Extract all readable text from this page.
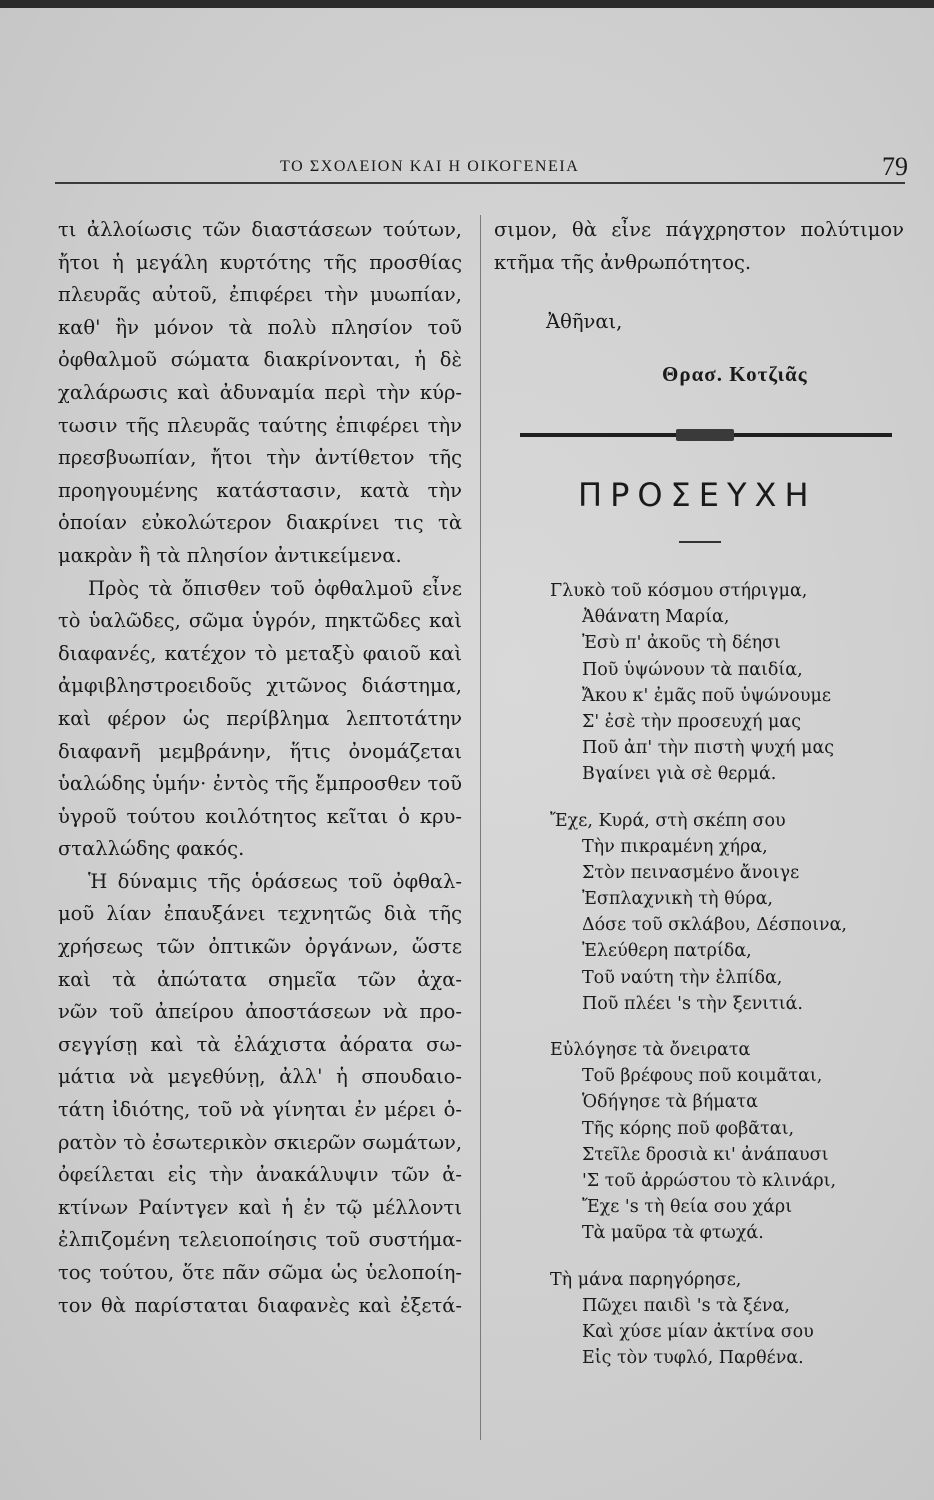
ΤΟ ΣΧΟΛΕΙΟΝ ΚΑΙ Η ΟΙΚΟΓΕΝΕΙΑ	79
τι ἀλλοίωσις τῶν διαστάσεων τούτων,
ἤτοι ἡ μεγάλη κυρτότης τῆς προσθίας
πλευρᾶς αὐτοῦ, ἐπιφέρει τὴν μυωπίαν,
καθ' ἣν μόνον τὰ πολὺ πλησίον τοῦ
ὀφθαλμοῦ σώματα διακρίνονται, ἡ δὲ
χαλάρωσις καὶ ἀδυναμία περὶ τὴν κύρ-
τωσιν τῆς πλευρᾶς ταύτης ἐπιφέρει τὴν
πρεσβυωπίαν, ἤτοι τὴν ἀντίθετον τῆς
προηγουμένης κατάστασιν, κατὰ τὴν
ὁποίαν εὐκολώτερον διακρίνει τις τὰ
μακρὰν ἢ τὰ πλησίον ἀντικείμενα.
Πρὸς τὰ ὄπισθεν τοῦ ὀφθαλμοῦ εἶνε
τὸ ὑαλῶδες, σῶμα ὑγρόν, πηκτῶδες καὶ
διαφανές, κατέχον τὸ μεταξὺ φαιοῦ καὶ
ἀμφιβληστροειδοῦς χιτῶνος διάστημα,
καὶ φέρον ὡς περίβλημα λεπτοτάτην
διαφανῆ μεμβράνην, ἥτις ὀνομάζεται
ὑαλώδης ὑμήν· ἐντὸς τῆς ἔμπροσθεν τοῦ
ὑγροῦ τούτου κοιλότητος κεῖται ὁ κρυ-
σταλλώδης φακός.
Ἡ δύναμις τῆς ὁράσεως τοῦ ὀφθαλ-
μοῦ λίαν ἐπαυξάνει τεχνητῶς διὰ τῆς
χρήσεως τῶν ὀπτικῶν ὀργάνων, ὥστε
καὶ τὰ ἀπώτατα σημεῖα τῶν ἀχα-
νῶν τοῦ ἀπείρου ἀποστάσεων νὰ προ-
σεγγίσῃ καὶ τὰ ἐλάχιστα ἀόρατα σω-
μάτια νὰ μεγεθύνῃ, ἀλλ' ἡ σπουδαιο-
τάτη ἰδιότης, τοῦ νὰ γίνηται ἐν μέρει ὁ-
ρατὸν τὸ ἐσωτερικὸν σκιερῶν σωμάτων,
ὀφείλεται εἰς τὴν ἀνακάλυψιν τῶν ἀ-
κτίνων Ραίντγεν καὶ ἡ ἐν τῷ μέλλοντι
ἐλπιζομένη τελειοποίησις τοῦ συστήμα-
τος τούτου, ὅτε πᾶν σῶμα ὡς ὑελοποίη-
τον θὰ παρίσταται διαφανὲς καὶ ἐξετά-
σιμον, θὰ εἶνε πάγχρηστον πολύτιμον
κτῆμα τῆς ἀνθρωπότητος.
Ἀθῆναι,
Θρασ. Κοτζιᾶς
ΠΡΟΣΕΥΧΗ
Γλυκὸ τοῦ κόσμου στήριγμα,
Ἀθάνατη Μαρία,
Ἐσὺ π' ἀκοῦς τὴ δέησι
Ποῦ ὑψώνουν τὰ παιδία,
Ἄκου κ' ἐμᾶς ποῦ ὑψώνουμε
Σ' ἐσὲ τὴν προσευχή μας
Ποῦ ἀπ' τὴν πιστὴ ψυχή μας
Βγαίνει γιὰ σὲ θερμά.
Ἔχε, Κυρά, στὴ σκέπη σου
Τὴν πικραμένη χήρα,
Στὸν πεινασμένο ἄνοιγε
Ἐσπλαχνικὴ τὴ θύρα,
Δόσε τοῦ σκλάβου, Δέσποινα,
Ἐλεύθερη πατρίδα,
Τοῦ ναύτη τὴν ἐλπίδα,
Ποῦ πλέει 's τὴν ξενιτιά.
Εὐλόγησε τὰ ὄνειρατα
Τοῦ βρέφους ποῦ κοιμᾶται,
Ὁδήγησε τὰ βήματα
Τῆς κόρης ποῦ φοβᾶται,
Στεῖλε δροσιὰ κι' ἀνάπαυσι
'Σ τοῦ ἀρρώστου τὸ κλινάρι,
Ἔχε 's τὴ θεία σου χάρι
Τὰ μαῦρα τὰ φτωχά.
Τὴ μάνα παρηγόρησε,
Πῶχει παιδὶ 's τὰ ξένα,
Καὶ χύσε μίαν ἀκτίνα σου
Εἰς τὸν τυφλό, Παρθένα.
